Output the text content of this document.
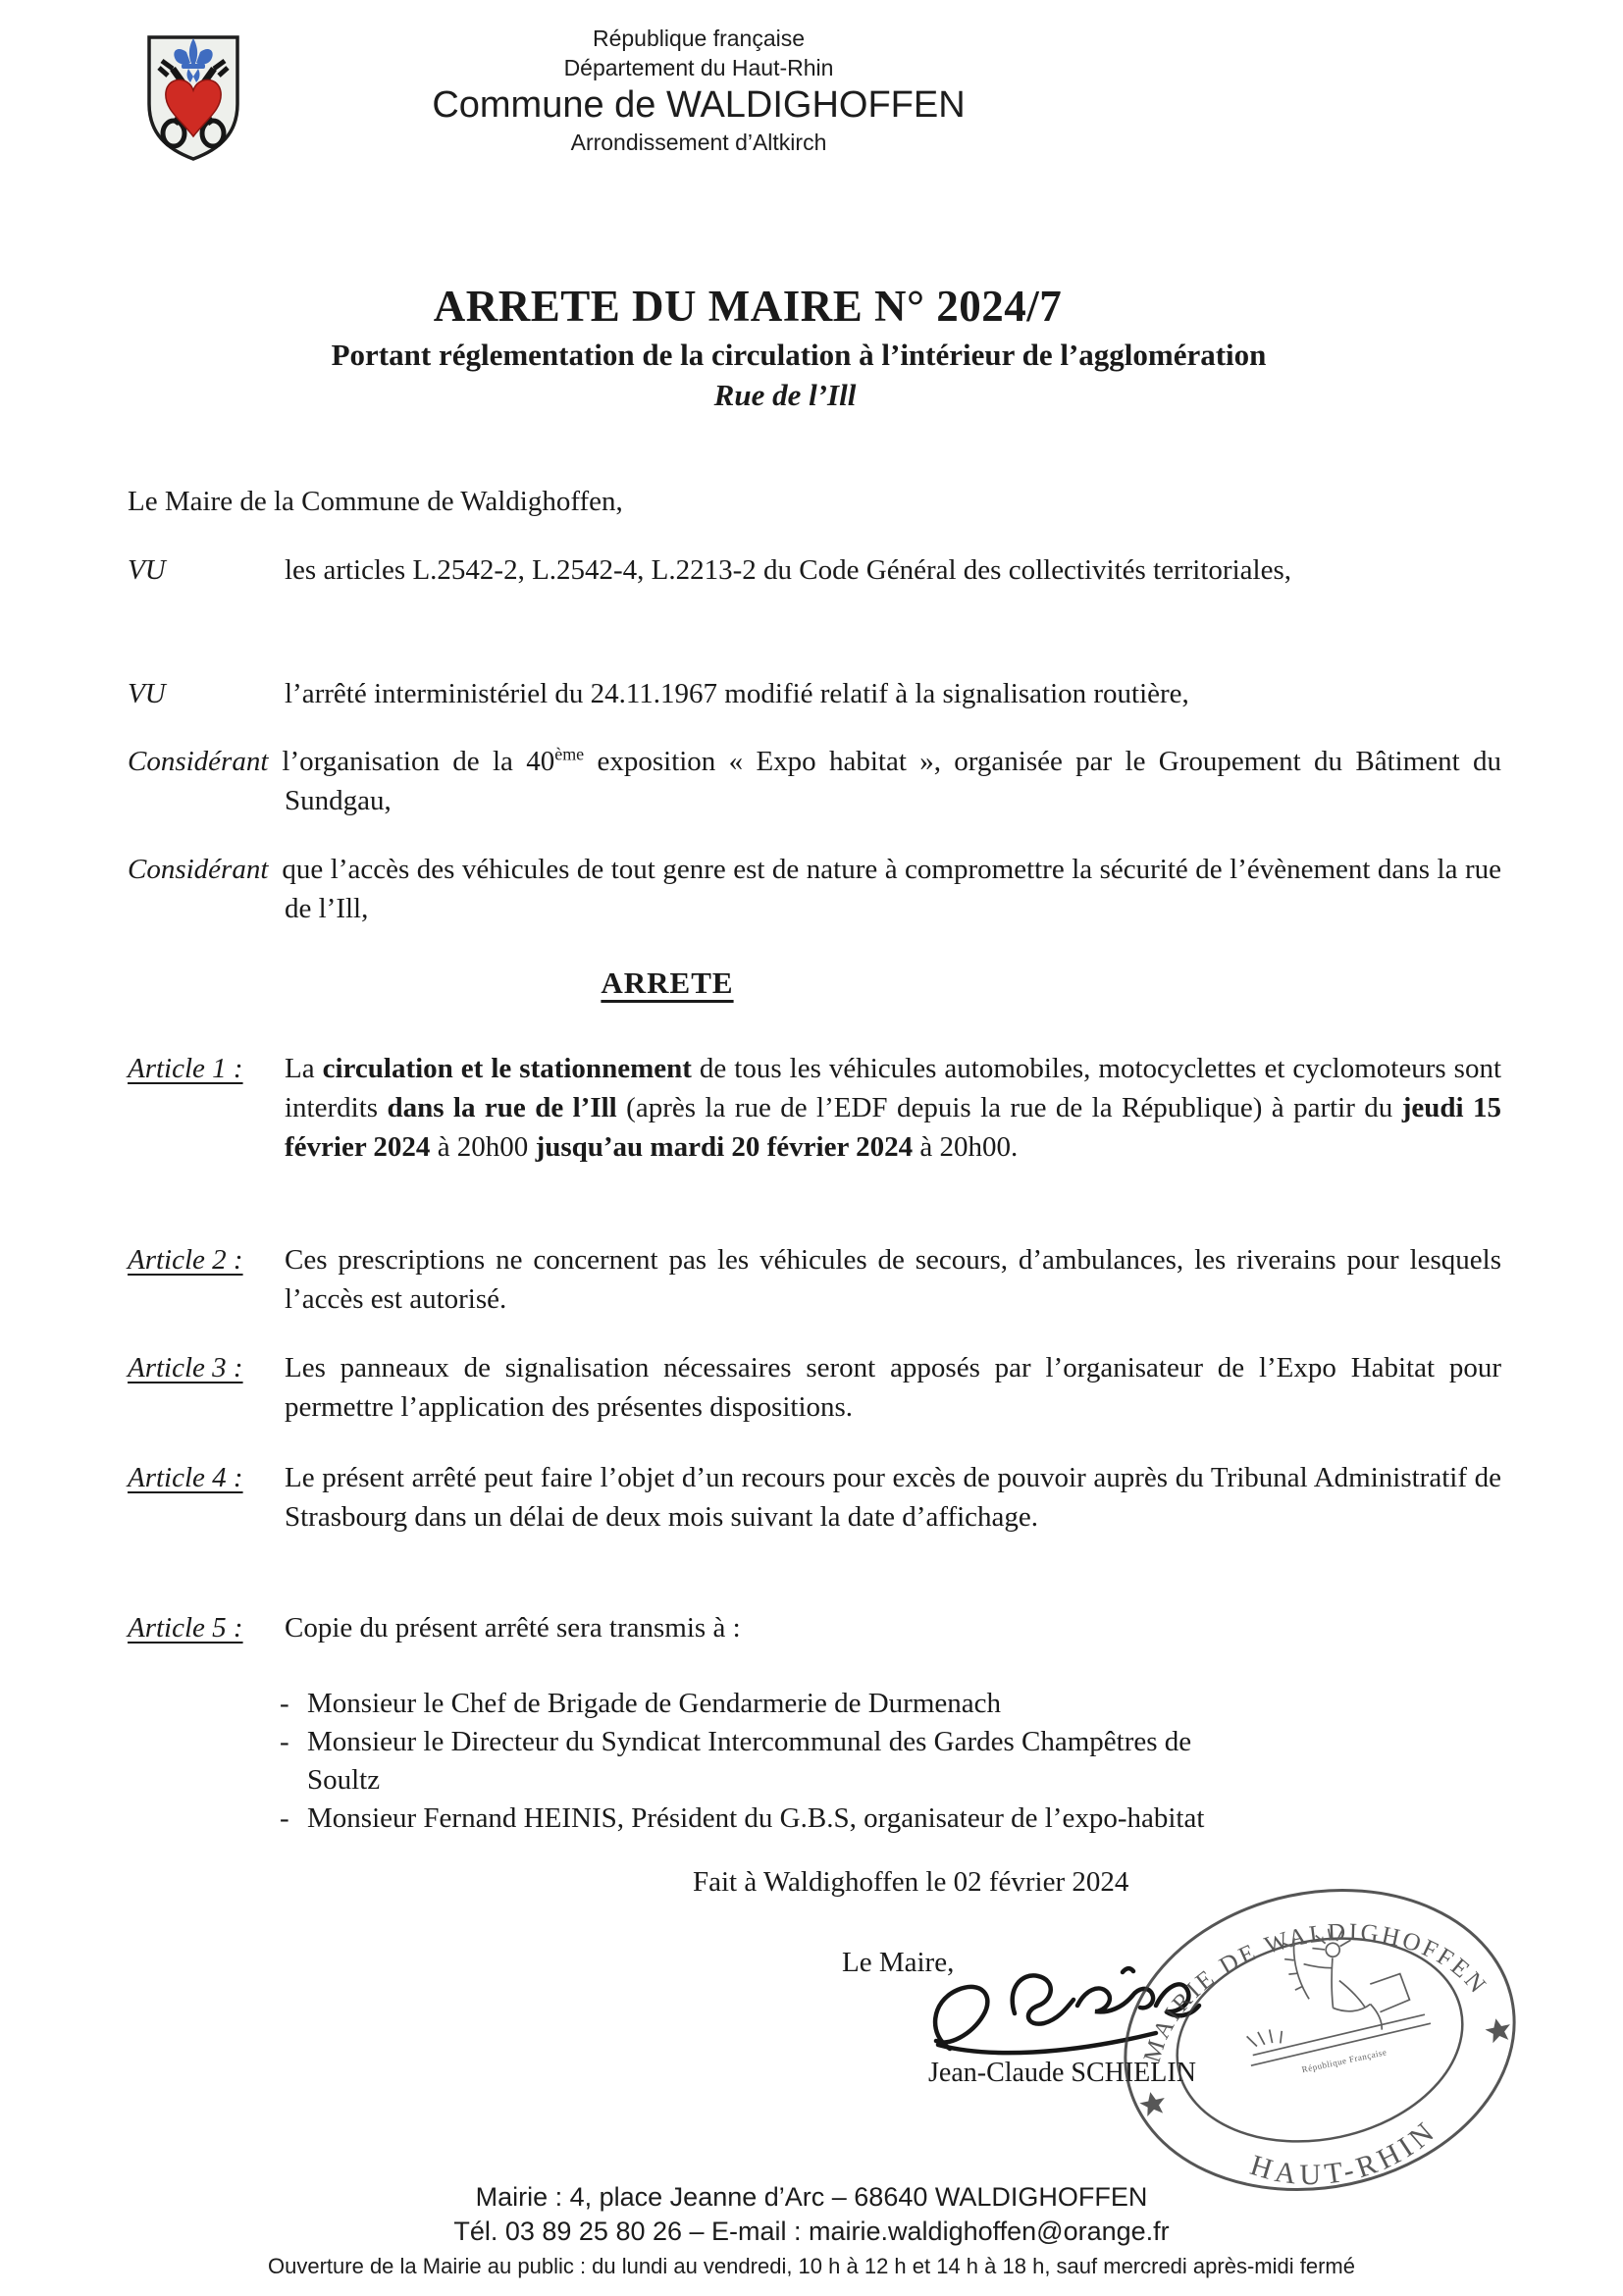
République française
Département du Haut-Rhin
Commune de WALDIGHOFFEN
Arrondissement d’Altkirch
ARRETE DU MAIRE N° 2024/7
Portant réglementation de la circulation à l’intérieur de l’agglomération
Rue de l’Ill

Le Maire de la Commune de Waldighoffen,

VU	les articles L.2542-2, L.2542-4, L.2213-2 du Code Général des collectivités territoriales,

VU	l’arrêté interministériel du 24.11.1967 modifié relatif à la signalisation routière,

Considérant l’organisation de la 40ème exposition « Expo habitat », organisée par le Groupement du Bâtiment du Sundgau,

Considérant que l’accès des véhicules de tout genre est de nature à compromettre la sécurité de l’évènement dans la rue de l’Ill,

ARRETE

Article 1 : La circulation et le stationnement de tous les véhicules automobiles, motocyclettes et cyclomoteurs sont interdits dans la rue de l’Ill (après la rue de l’EDF depuis la rue de la République) à partir du jeudi 15 février 2024 à 20h00 jusqu’au mardi 20 février 2024 à 20h00.

Article 2 : Ces prescriptions ne concernent pas les véhicules de secours, d’ambulances, les riverains pour lesquels l’accès est autorisé.

Article 3 : Les panneaux de signalisation nécessaires seront apposés par l’organisateur de l’Expo Habitat pour permettre l’application des présentes dispositions.

Article 4 : Le présent arrêté peut faire l’objet d’un recours pour excès de pouvoir auprès du Tribunal Administratif de Strasbourg dans un délai de deux mois suivant la date d’affichage.

Article 5 : Copie du présent arrêté sera transmis à :

- Monsieur le Chef de Brigade de Gendarmerie de Durmenach

- Monsieur le Directeur du Syndicat Intercommunal des Gardes Champêtres de Soultz

- Monsieur Fernand HEINIS, Président du G.B.S, organisateur de l’expo-habitat

Fait à Waldighoffen le 02 février 2024
Le Maire,
Jean-Claude SCHIELIN
MAIRIE DE WALDIGHOFFEN
HAUT-RHIN
République Française
Mairie : 4, place Jeanne d’Arc – 68640 WALDIGHOFFEN
Tél. 03 89 25 80 26 – E-mail : mairie.waldighoffen@orange.fr
Ouverture de la Mairie au public : du lundi au vendredi, 10 h à 12 h et 14 h à 18 h, sauf mercredi après-midi fermé
